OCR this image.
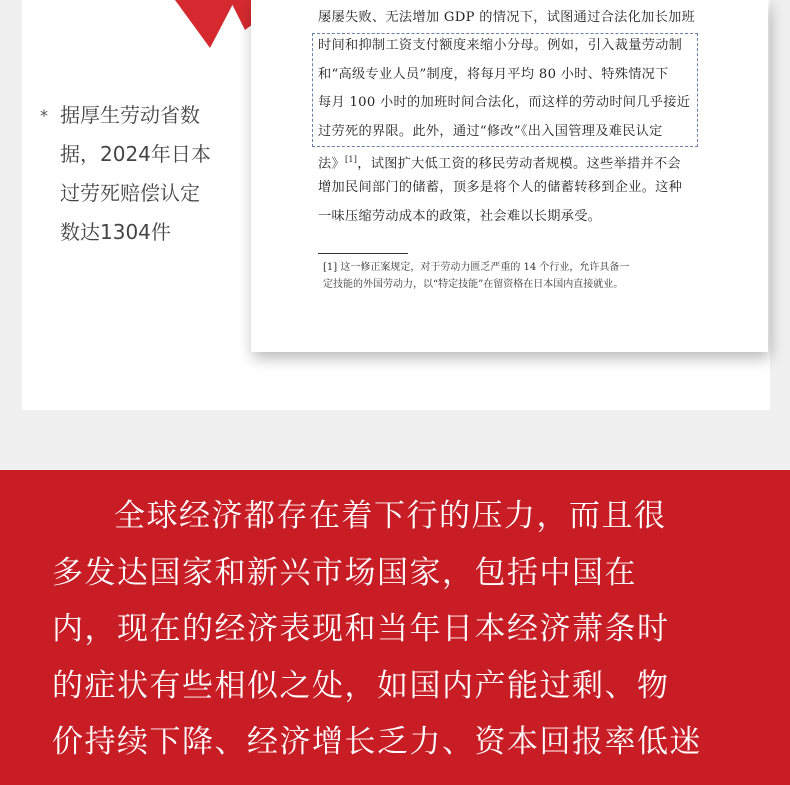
* 据厚生劳动省数
据，2024年日本
过劳死赔偿认定
数达1304件
屡屡失败、无法增加 GDP 的情况下，试图通过合法化加长加班
时间和抑制工资支付额度来缩小分母。例如，引入裁量劳动制
和“高级专业人员”制度，将每月平均 80 小时、特殊情况下
每月 100 小时的加班时间合法化，而这样的劳动时间几乎接近
过劳死的界限。此外，通过“修改”《出入国管理及难民认定
法》[1]，试图扩大低工资的移民劳动者规模。这些举措并不会
增加民间部门的储蓄，顶多是将个人的储蓄转移到企业。这种
一味压缩劳动成本的政策，社会难以长期承受。
[1] 这一修正案规定，对于劳动力匮乏严重的 14 个行业，允许具备一
定技能的外国劳动力，以“特定技能”在留资格在日本国内直接就业。
全球经济都存在着下行的压力，而且很
多发达国家和新兴市场国家，包括中国在
内，现在的经济表现和当年日本经济萧条时
的症状有些相似之处，如国内产能过剩、物
价持续下降、经济增长乏力、资本回报率低迷
